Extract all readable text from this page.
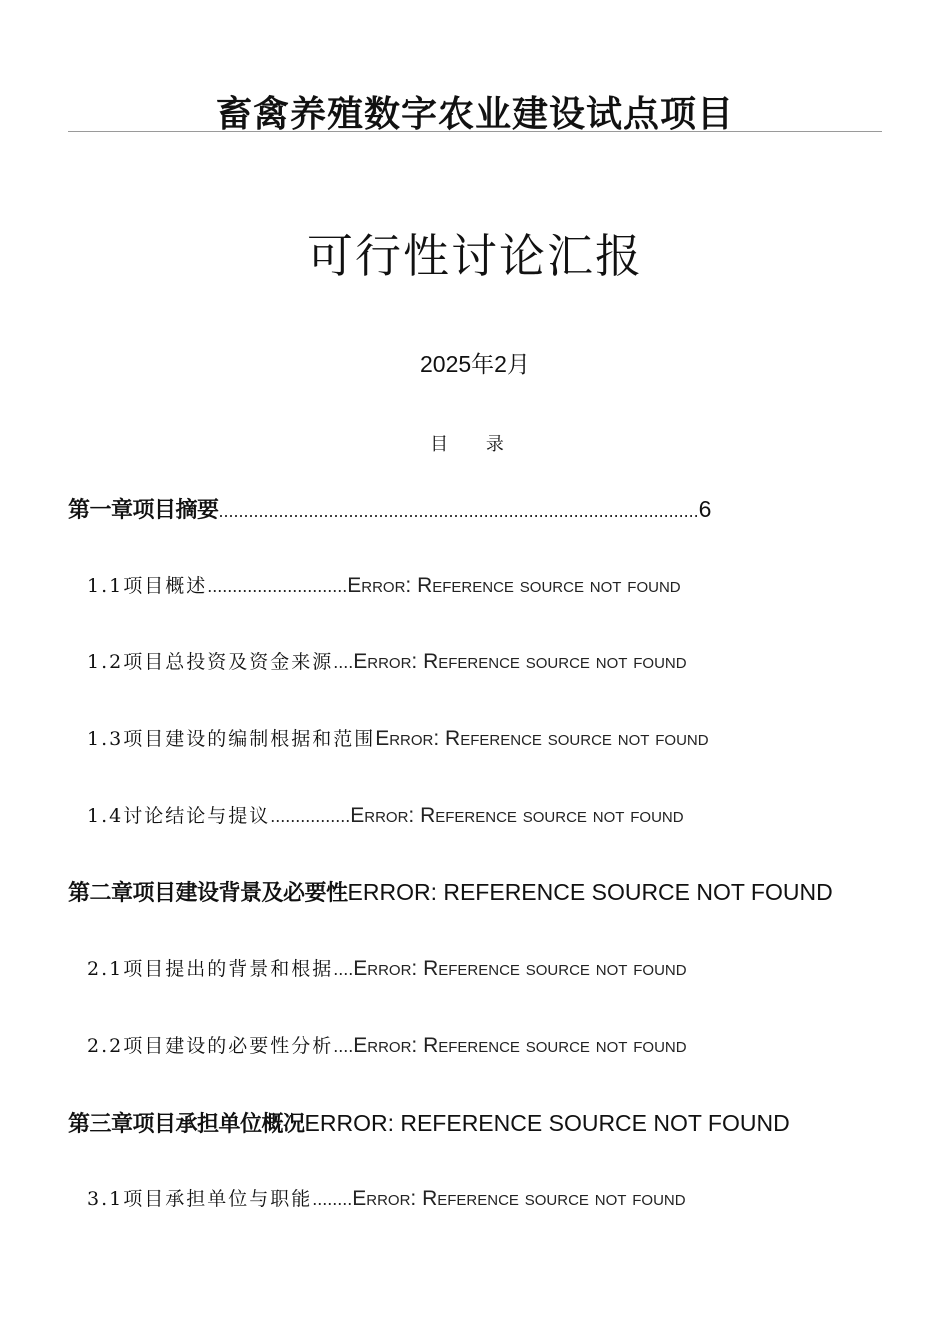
畜禽养殖数字农业建设试点项目
可行性讨论汇报
2025年2月
目 录
第一章项目摘要 ................................................................................................ 6
1.1项目概述 ............................ Error: Reference source not found
1.2项目总投资及资金来源 .... Error: Reference source not found
1.3项目建设的编制根据和范围 Error: Reference source not found
1.4讨论结论与提议 ................ Error: Reference source not found
第二章项目建设背景及必要性 ERROR: REFERENCE SOURCE NOT FOUND
2.1项目提出的背景和根据 .... Error: Reference source not found
2.2项目建设的必要性分析 .... Error: Reference source not found
第三章项目承担单位概况 ERROR: REFERENCE SOURCE NOT FOUND
3.1项目承担单位与职能 ........ Error: Reference source not found
